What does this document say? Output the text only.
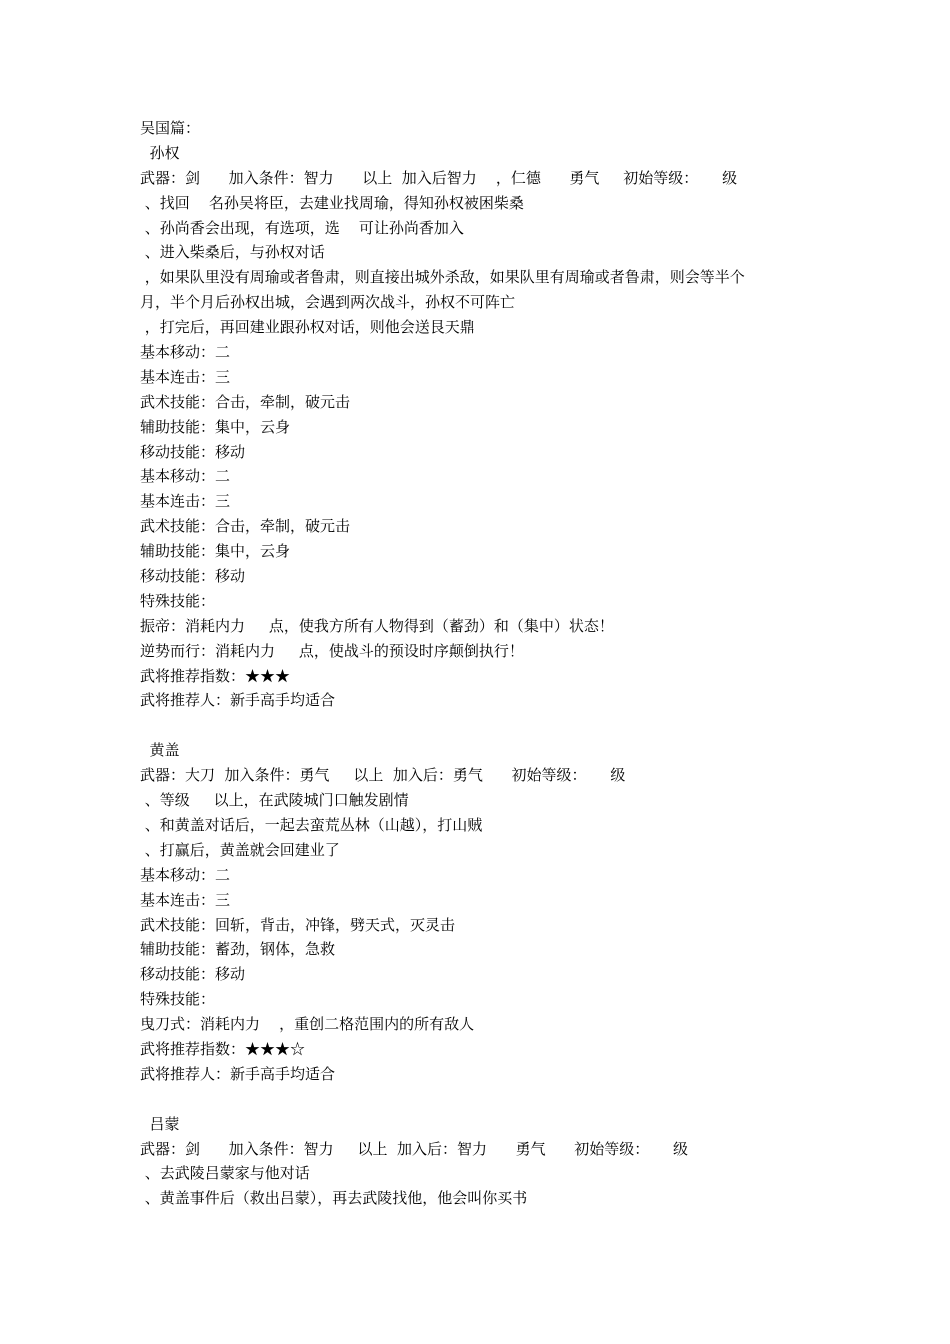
吴国篇：
孙权
武器：剑      加入条件：智力      以上  加入后智力    ，仁德      勇气     初始等级：     级
、找回    名孙吴将臣，去建业找周瑜，得知孙权被困柴桑
、孙尚香会出现，有选项，选    可让孙尚香加入
、进入柴桑后，与孙权对话
，如果队里没有周瑜或者鲁肃，则直接出城外杀敌，如果队里有周瑜或者鲁肃，则会等半个
月，半个月后孙权出城，会遇到两次战斗，孙权不可阵亡
，打完后，再回建业跟孙权对话，则他会送艮天鼎
基本移动：二
基本连击：三
武术技能：合击，牵制，破元击
辅助技能：集中，云身
移动技能：移动
基本移动：二
基本连击：三
武术技能：合击，牵制，破元击
辅助技能：集中，云身
移动技能：移动
特殊技能：
振帝：消耗内力     点，使我方所有人物得到（蓄劲）和（集中）状态！
逆势而行：消耗内力     点，使战斗的预设时序颠倒执行！
武将推荐指数：★★★
武将推荐人：新手高手均适合
黄盖
武器：大刀  加入条件：勇气     以上  加入后：勇气      初始等级：     级
、等级     以上，在武陵城门口触发剧情
、和黄盖对话后，一起去蛮荒丛林（山越），打山贼
、打赢后，黄盖就会回建业了
基本移动：二
基本连击：三
武术技能：回斩，背击，冲锋，劈天式，灭灵击
辅助技能：蓄劲，钢体，急救
移动技能：移动
特殊技能：
曳刀式：消耗内力    ，重创二格范围内的所有敌人
武将推荐指数：★★★☆
武将推荐人：新手高手均适合
吕蒙
武器：剑      加入条件：智力     以上  加入后：智力      勇气      初始等级：     级
、去武陵吕蒙家与他对话
、黄盖事件后（救出吕蒙），再去武陵找他，他会叫你买书
